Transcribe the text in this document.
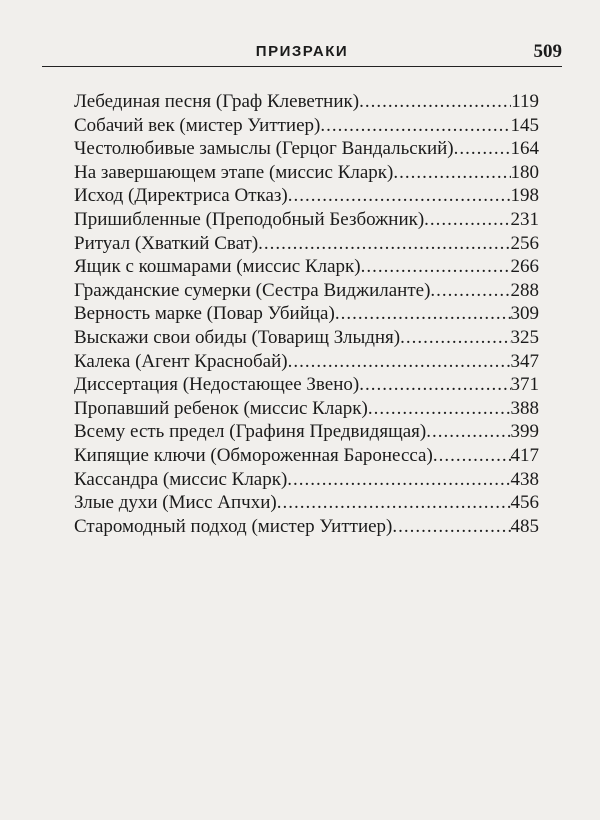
ПРИЗРАКИ	509
Лебединая песня (Граф Клеветник) .....	119
Собачий век (мистер Уиттиер) .....	145
Честолюбивые замыслы (Герцог Вандальский) .....	164
На завершающем этапе (миссис Кларк) .....	180
Исход (Директриса Отказ) .....	198
Пришибленные (Преподобный Безбожник) .....	231
Ритуал (Хваткий Сват) .....	256
Ящик с кошмарами (миссис Кларк) .....	266
Гражданские сумерки (Сестра Виджиланте) .....	288
Верность марке (Повар Убийца) .....	309
Выскажи свои обиды (Товарищ Злыдня) .....	325
Калека (Агент Краснобай) .....	347
Диссертация (Недостающее Звено) .....	371
Пропавший ребенок (миссис Кларк) .....	388
Всему есть предел (Графиня Предвидящая) .....	399
Кипящие ключи (Обмороженная Баронесса) .....	417
Кассандра (миссис Кларк) .....	438
Злые духи (Мисс Апчхи) .....	456
Старомодный подход (мистер Уиттиер) .....	485
